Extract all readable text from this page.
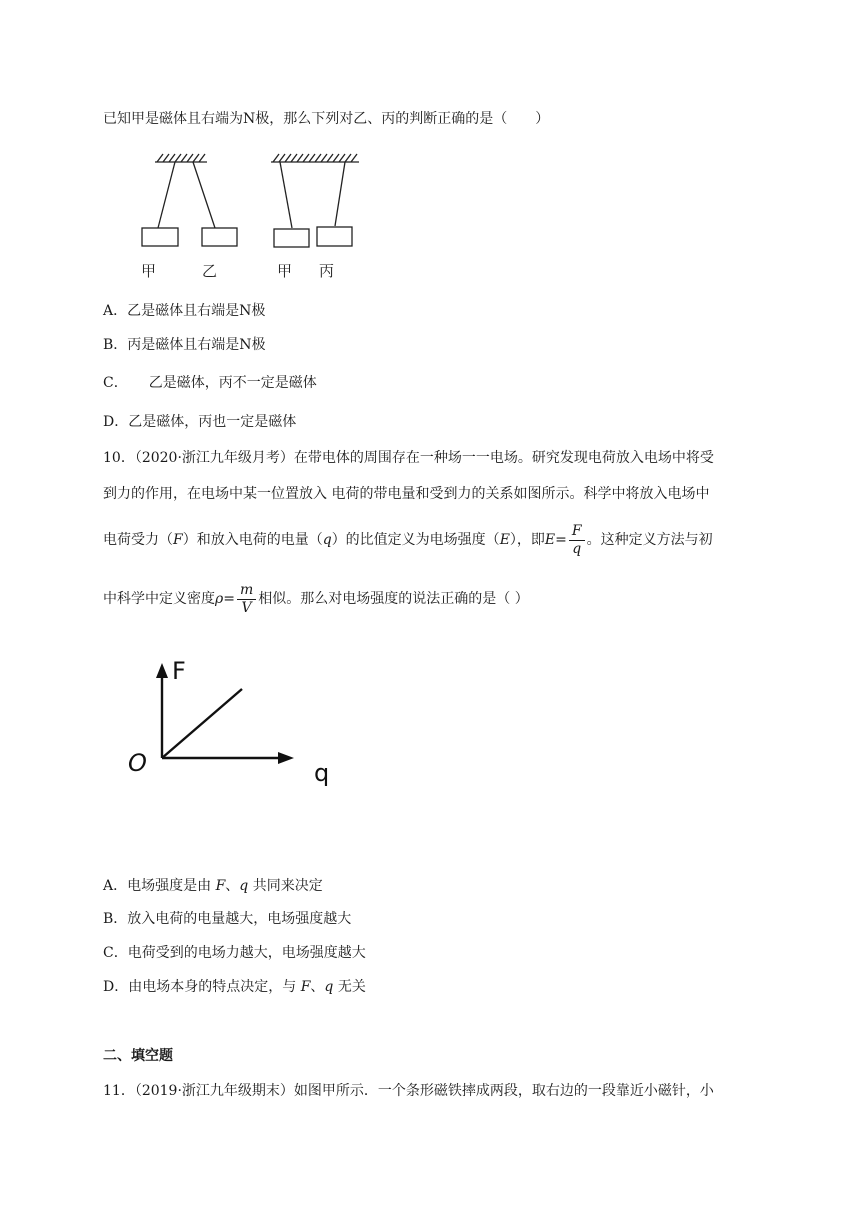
已知甲是磁体且右端为N极，那么下列对乙、丙的判断正确的是（　　）
甲	乙	甲 丙
A．乙是磁体且右端是N极
B．丙是磁体且右端是N极
C．　　乙是磁体，丙不一定是磁体
D．乙是磁体，丙也一定是磁体
10．（2020·浙江九年级月考）在带电体的周围存在一种场一一电场。研究发现电荷放入电场中将受
到力的作用，在电场中某一位置放入 电荷的带电量和受到力的关系如图所示。科学中将放入电场中
电荷受力（F）和放入电荷的电量（q）的比值定义为电场强度（E），即$E= \frac{F}{q}$ 。这种定义方法与初
中科学中定义密度$\rho= \frac{m}{V}$ 相似。那么对电场强度的说法正确的是（ ）
F
O	q
A．电场强度是由 F、q 共同来决定
B．放入电荷的电量越大，电场强度越大
C．电荷受到的电场力越大，电场强度越大
D．由电场本身的特点决定，与 F、q 无关
二、填空题
11．（2019·浙江九年级期末）如图甲所示．一个条形磁铁摔成两段，取右边的一段靠近小磁针，小
